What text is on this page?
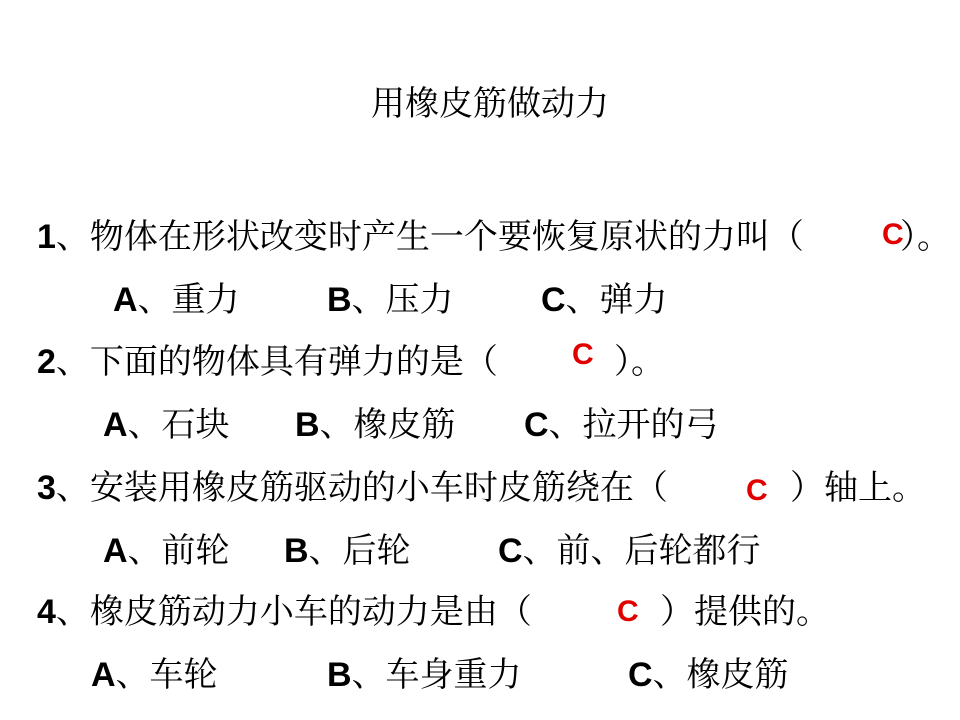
用橡皮筋做动力
1、物体在形状改变时产生一个要恢复原状的力叫（	C
）。
A、重力	B、压力	C、弹力
2、下面的物体具有弹力的是（ C ）。
A、石块 B、橡皮筋 C、拉开的弓
3、安装用橡皮筋驱动的小车时皮筋绕在（	C ）轴上。
A、前轮 B、后轮	C、前、后轮都行
4、橡皮筋动力小车的动力是由（	C ）提供的。
A、车轮	B、车身重力	C、橡皮筋
